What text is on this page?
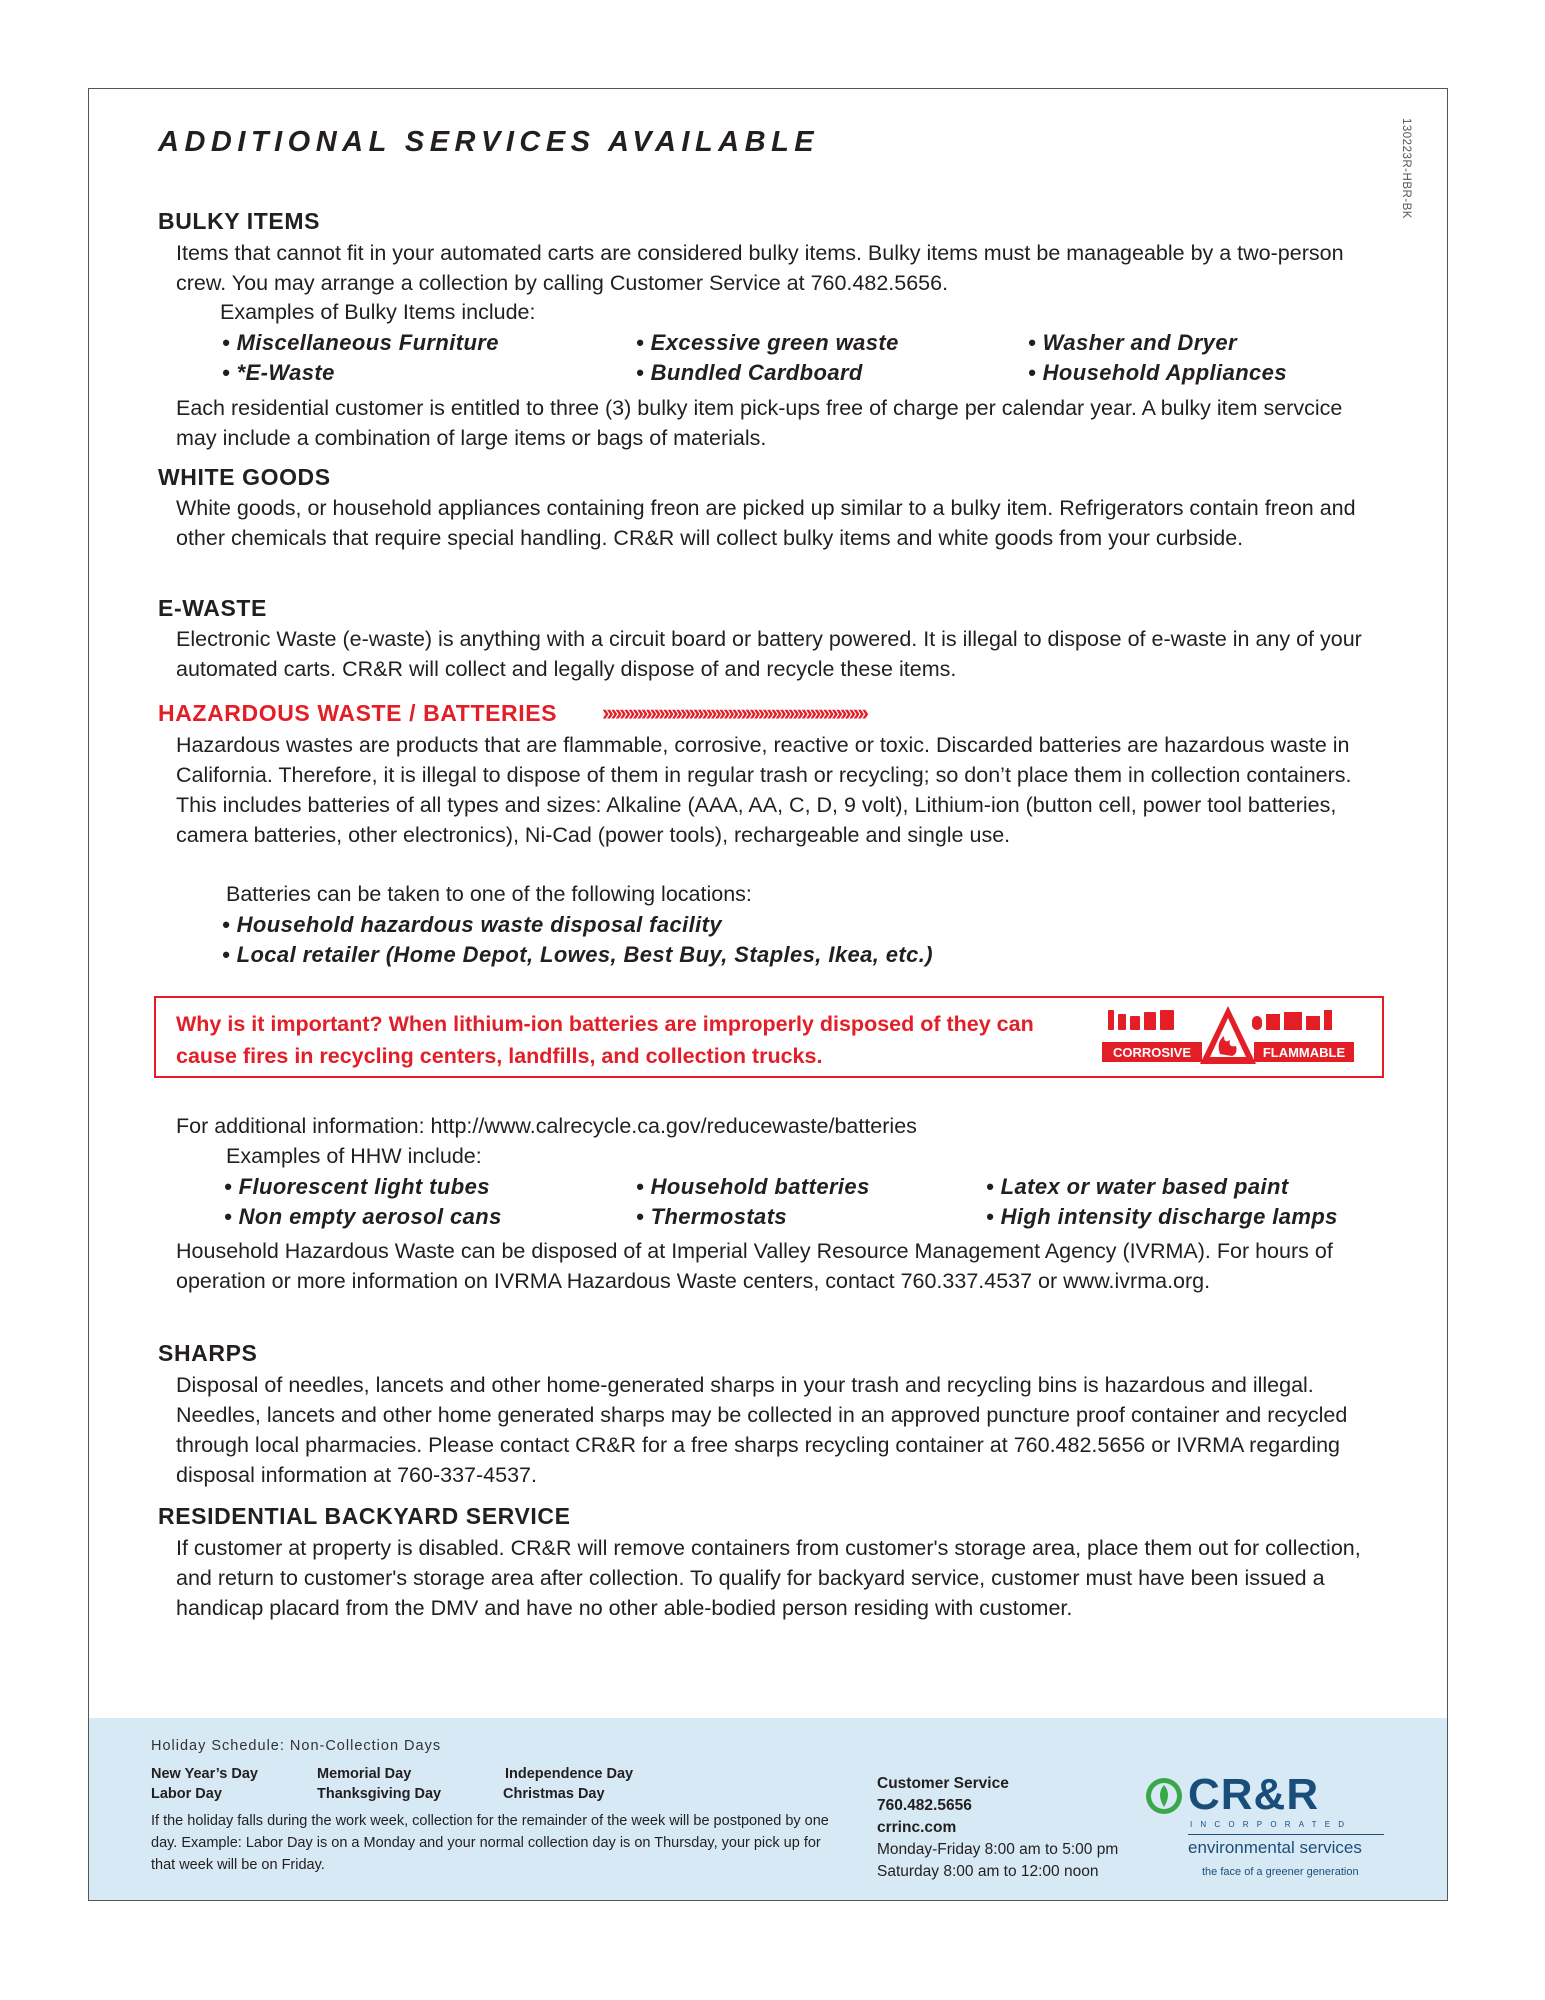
130223R-HBR-BK
ADDITIONAL SERVICES AVAILABLE
BULKY ITEMS

Items that cannot fit in your automated carts are considered bulky items. Bulky items must be manageable by a two-person crew. You may arrange a collection by calling Customer Service at 760.482.5656.

Examples of Bulky Items include:

• Miscellaneous Furniture	• Excessive green waste	• Washer and Dryer

• *E-Waste	• Bundled Cardboard	• Household Appliances

Each residential customer is entitled to three (3) bulky item pick-ups free of charge per calendar year. A bulky item servcice may include a combination of large items or bags of materials.

WHITE GOODS

White goods, or household appliances containing freon are picked up similar to a bulky item. Refrigerators contain freon and other chemicals that require special handling. CR&R will collect bulky items and white goods from your curbside.

E-WASTE

Electronic Waste (e-waste) is anything with a circuit board or battery powered. It is illegal to dispose of e-waste in any of your automated carts. CR&R will collect and legally dispose of and recycle these items.

HAZARDOUS WASTE / BATTERIES ›››››››››››››››››››››››››››››››››››››››››››››››››››››››››››››

Hazardous wastes are products that are flammable, corrosive, reactive or toxic. Discarded batteries are hazardous waste in California. Therefore, it is illegal to dispose of them in regular trash or recycling; so don’t place them in collection containers. This includes batteries of all types and sizes: Alkaline (AAA, AA, C, D, 9 volt), Lithium-ion (button cell, power tool batteries, camera batteries, other electronics), Ni-Cad (power tools), rechargeable and single use.

Batteries can be taken to one of the following locations:

• Household hazardous waste disposal facility

• Local retailer (Home Depot, Lowes, Best Buy, Staples, Ikea, etc.)

Why is it important? When lithium-ion batteries are improperly disposed of they can cause fires in recycling centers, landfills, and collection trucks.	CORROSIVE	FLAMMABLE

For additional information: http://www.calrecycle.ca.gov/reducewaste/batteries

Examples of HHW include:

• Fluorescent light tubes	• Household batteries	• Latex or water based paint

• Non empty aerosol cans	• Thermostats	• High intensity discharge lamps

Household Hazardous Waste can be disposed of at Imperial Valley Resource Management Agency (IVRMA). For hours of operation or more information on IVRMA Hazardous Waste centers, contact 760.337.4537 or www.ivrma.org.

SHARPS

Disposal of needles, lancets and other home-generated sharps in your trash and recycling bins is hazardous and illegal. Needles, lancets and other home generated sharps may be collected in an approved puncture proof container and recycled through local pharmacies. Please contact CR&R for a free sharps recycling container at 760.482.5656 or IVRMA regarding disposal information at 760-337-4537.

RESIDENTIAL BACKYARD SERVICE

If customer at property is disabled. CR&R will remove containers from customer's storage area, place them out for collection, and return to customer's storage area after collection. To qualify for backyard service, customer must have been issued a handicap placard from the DMV and have no other able-bodied person residing with customer.

Holiday Schedule: Non-Collection Days

New Year’s Day	Memorial Day	Independence Day

Labor Day	Thanksgiving Day	Christmas Day

If the holiday falls during the work week, collection for the remainder of the week will be postponed by one day. Example: Labor Day is on a Monday and your normal collection day is on Thursday, your pick up for that week will be on Friday.

Customer Service
760.482.5656
crrinc.com
Monday-Friday 8:00 am to 5:00 pm
Saturday 8:00 am to 12:00 noon

CR&R

INCORPORATED

environmental services

the face of a greener generation
